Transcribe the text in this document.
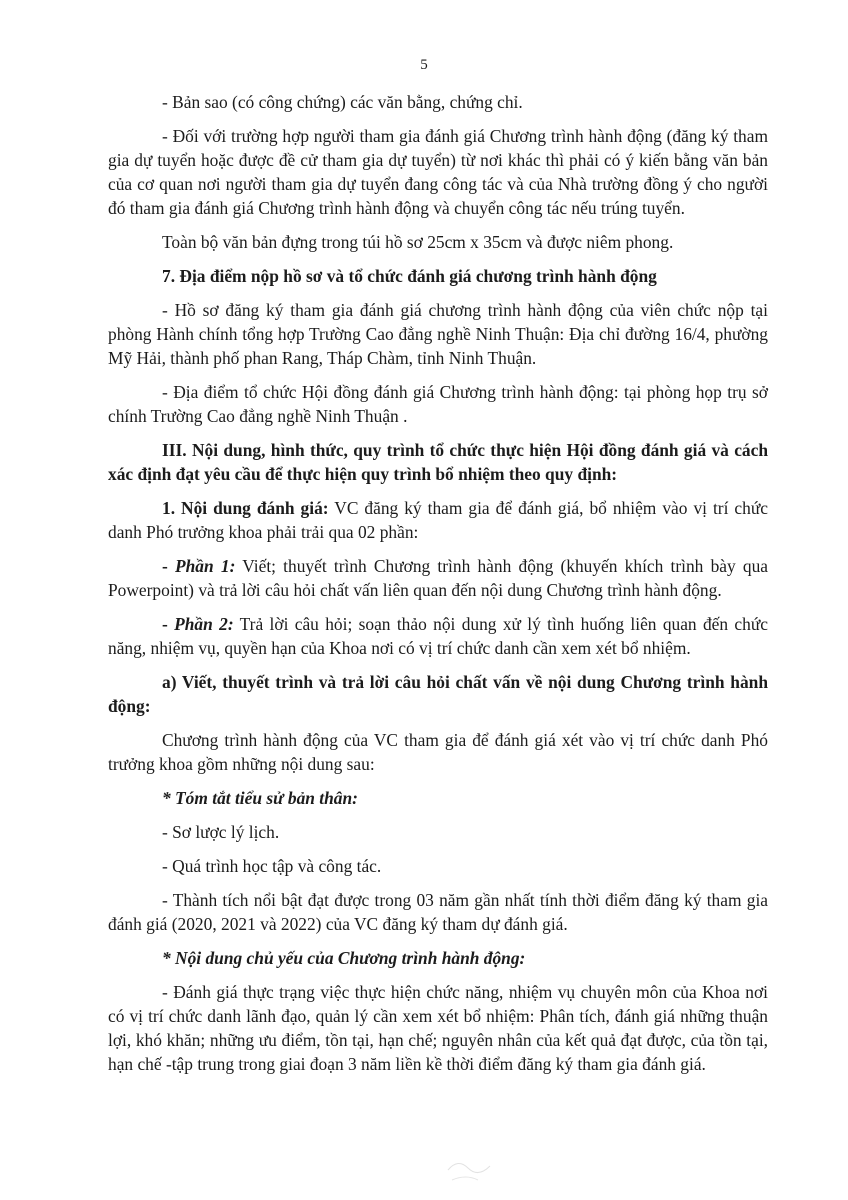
5

- Bản sao (có công chứng) các văn bằng, chứng chỉ.

- Đối với trường hợp người tham gia đánh giá Chương trình hành động (đăng ký tham gia dự tuyển hoặc được đề cử tham gia dự tuyển) từ nơi khác thì phải có ý kiến bằng văn bản của cơ quan nơi người tham gia dự tuyển đang công tác và của Nhà trường đồng ý cho người đó tham gia đánh giá Chương trình hành động và chuyển công tác nếu trúng tuyển.

Toàn bộ văn bản đựng trong túi hồ sơ 25cm x 35cm và được niêm phong.

7. Địa điểm nộp hồ sơ và tổ chức đánh giá chương trình hành động

- Hồ sơ đăng ký tham gia đánh giá chương trình hành động của viên chức nộp tại phòng Hành chính tổng hợp Trường Cao đẳng nghề Ninh Thuận: Địa chỉ đường 16/4, phường Mỹ Hải, thành phố phan Rang, Tháp Chàm, tỉnh Ninh Thuận.

- Địa điểm tổ chức Hội đồng đánh giá Chương trình hành động: tại phòng họp trụ sở chính Trường Cao đẳng nghề Ninh Thuận .

III. Nội dung, hình thức, quy trình tổ chức thực hiện Hội đồng đánh giá và cách xác định đạt yêu cầu để thực hiện quy trình bổ nhiệm theo quy định:

1. Nội dung đánh giá: VC đăng ký tham gia để đánh giá, bổ nhiệm vào vị trí chức danh Phó trưởng khoa phải trải qua 02 phần:

- Phần 1: Viết; thuyết trình Chương trình hành động (khuyến khích trình bày qua Powerpoint) và trả lời câu hỏi chất vấn liên quan đến nội dung Chương trình hành động.

- Phần 2: Trả lời câu hỏi; soạn thảo nội dung xử lý tình huống liên quan đến chức năng, nhiệm vụ, quyền hạn của Khoa nơi có vị trí chức danh cần xem xét bổ nhiệm.

a) Viết, thuyết trình và trả lời câu hỏi chất vấn về nội dung Chương trình hành động:

Chương trình hành động của VC tham gia để đánh giá xét vào vị trí chức danh Phó trưởng khoa gồm những nội dung sau:

* Tóm tắt tiểu sử bản thân:

- Sơ lược lý lịch.

- Quá trình học tập và công tác.

- Thành tích nổi bật đạt được trong 03 năm gần nhất tính thời điểm đăng ký tham gia đánh giá (2020, 2021 và 2022) của VC đăng ký tham dự đánh giá.

* Nội dung chủ yếu của Chương trình hành động:

- Đánh giá thực trạng việc thực hiện chức năng, nhiệm vụ chuyên môn của Khoa nơi có vị trí chức danh lãnh đạo, quản lý cần xem xét bổ nhiệm: Phân tích, đánh giá những thuận lợi, khó khăn; những ưu điểm, tồn tại, hạn chế; nguyên nhân của kết quả đạt được, của tồn tại, hạn chế -tập trung trong giai đoạn 3 năm liền kề thời điểm đăng ký tham gia đánh giá.
